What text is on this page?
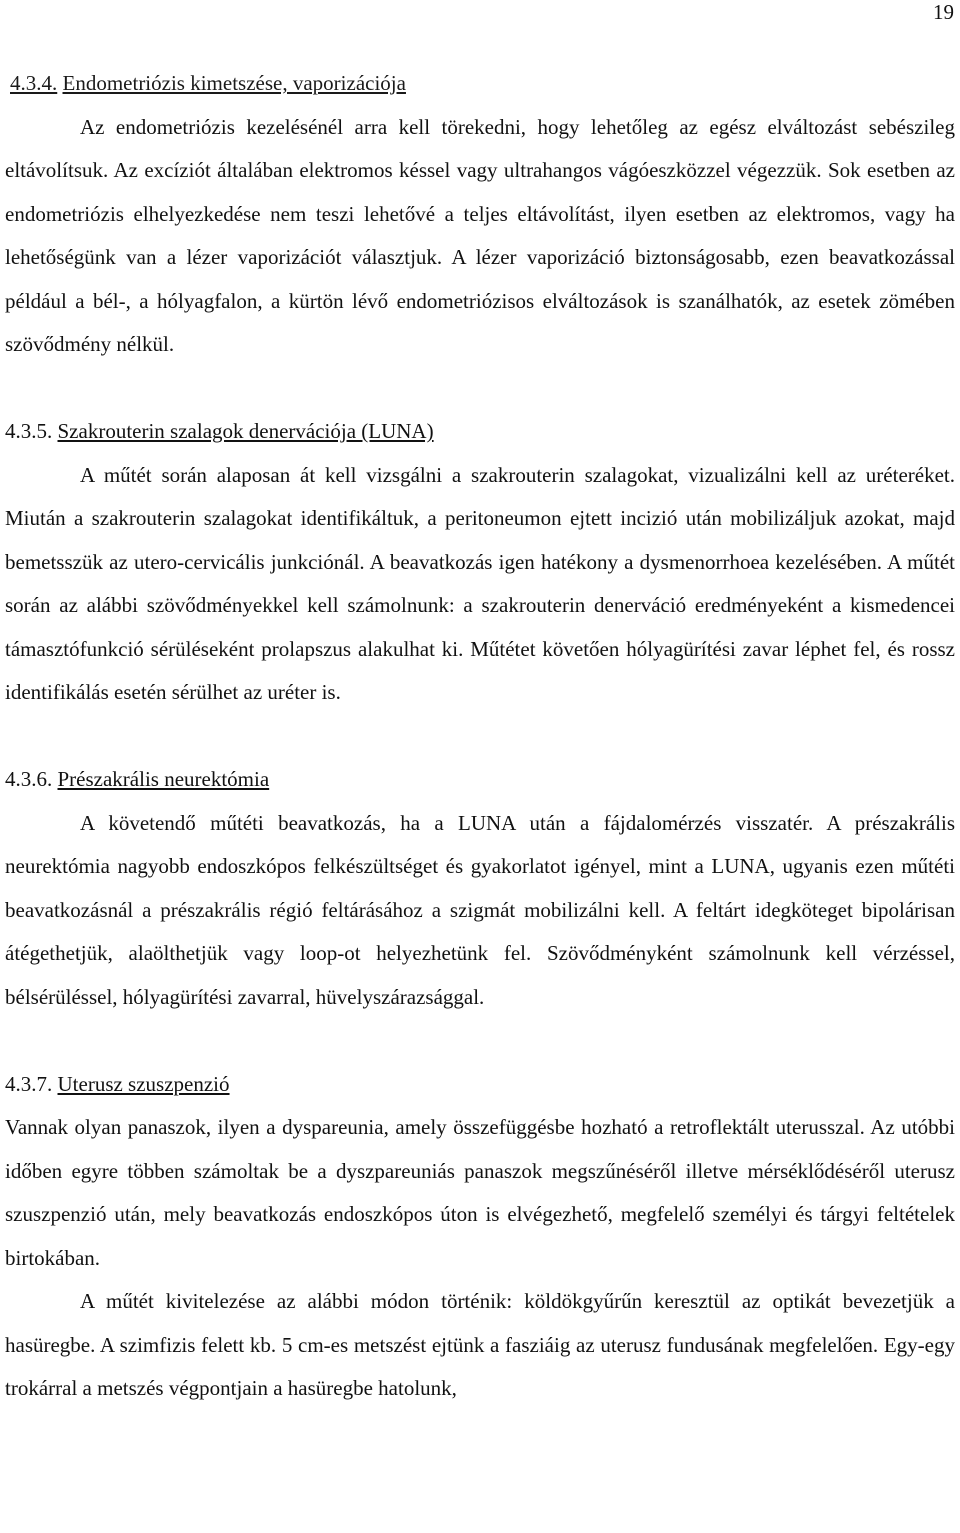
19
4.3.4. Endometriózis kimetszése, vaporizációja

Az endometriózis kezelésénél arra kell törekedni, hogy lehetőleg az egész elváltozást sebészileg eltávolítsuk. Az excíziót általában elektromos késsel vagy ultrahangos vágóeszközzel végezzük. Sok esetben az endometriózis elhelyezkedése nem teszi lehetővé a teljes eltávolítást, ilyen esetben az elektromos, vagy ha lehetőségünk van a lézer vaporizációt választjuk. A lézer vaporizáció biztonságosabb, ezen beavatkozással például a bél-, a hólyagfalon, a kürtön lévő endometriózisos elváltozások is szanálhatók, az esetek zömében szövődmény nélkül.

4.3.5. Szakrouterin szalagok denervációja (LUNA)

A műtét során alaposan át kell vizsgálni a szakrouterin szalagokat, vizualizálni kell az uréteréket. Miután a szakrouterin szalagokat identifikáltuk, a peritoneumon ejtett incizió után mobilizáljuk azokat, majd bemetsszük az utero-cervicális junkciónál. A beavatkozás igen hatékony a dysmenorrhoea kezelésében. A műtét során az alábbi szövődményekkel kell számolnunk: a szakrouterin denerváció eredményeként a kismedencei támasztófunkció sérüléseként prolapszus alakulhat ki. Műtétet követően hólyagürítési zavar léphet fel, és rossz identifikálás esetén sérülhet az uréter is.

4.3.6. Prészakrális neurektómia

A követendő műtéti beavatkozás, ha a LUNA után a fájdalomérzés visszatér. A prészakrális neurektómia nagyobb endoszkópos felkészültséget és gyakorlatot igényel, mint a LUNA, ugyanis ezen műtéti beavatkozásnál a prészakrális régió feltárásához a szigmát mobilizálni kell. A feltárt idegköteget bipolárisan átégethetjük, alaölthetjük vagy loop-ot helyezhetünk fel. Szövődményként számolnunk kell vérzéssel, bélsérüléssel, hólyagürítési zavarral, hüvelyszárazsággal.

4.3.7. Uterusz szuszpenzió

Vannak olyan panaszok, ilyen a dyspareunia, amely összefüggésbe hozható a retroflektált uterusszal. Az utóbbi időben egyre többen számoltak be a dyszpareuniás panaszok megszűnéséről illetve mérséklődéséről uterusz szuszpenzió után, mely beavatkozás endoszkópos úton is elvégezhető, megfelelő személyi és tárgyi feltételek birtokában.

A műtét kivitelezése az alábbi módon történik: köldökgyűrűn keresztül az optikát bevezetjük a hasüregbe. A szimfizis felett kb. 5 cm-es metszést ejtünk a fasziáig az uterusz fundusának megfelelően. Egy-egy trokárral a metszés végpontjain a hasüregbe hatolunk,
